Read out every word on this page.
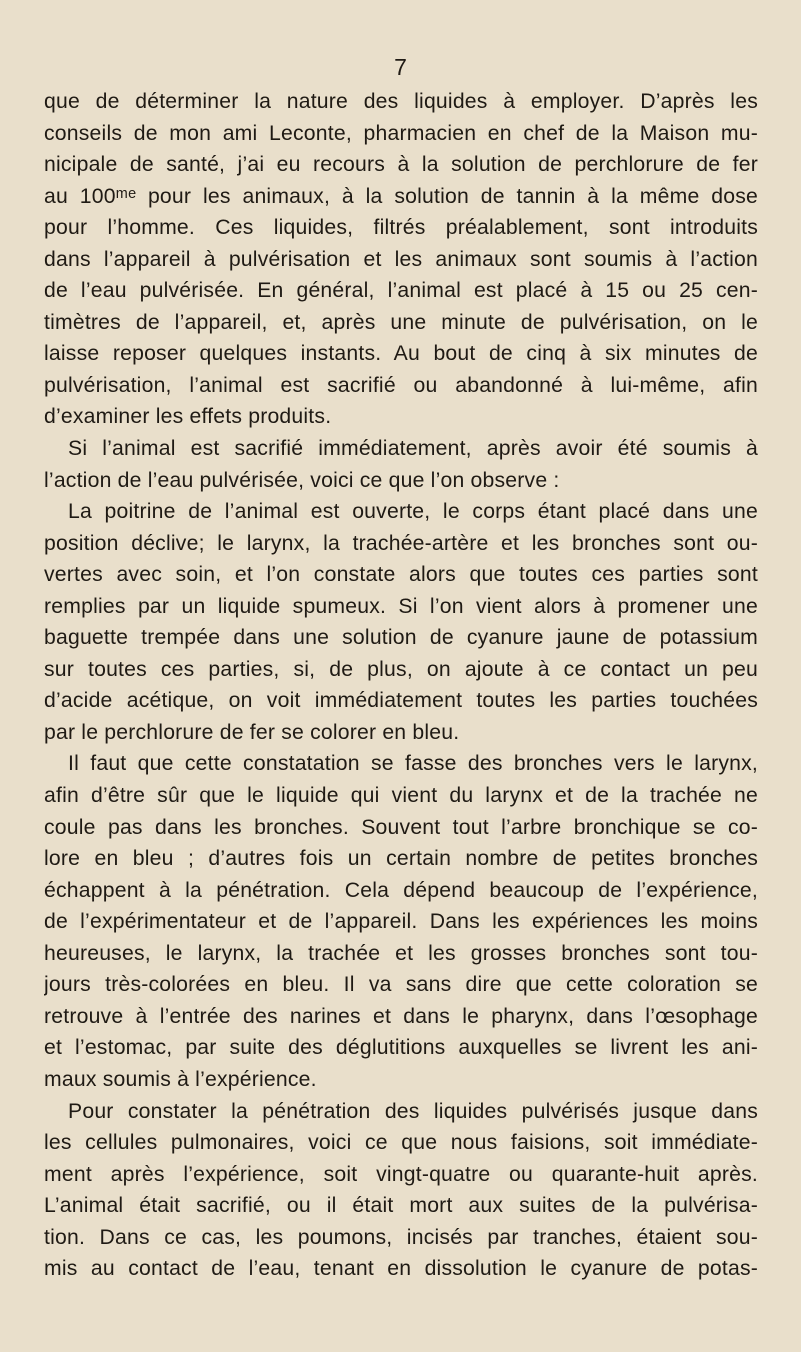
7
que de déterminer la nature des liquides à employer. D’après les
conseils de mon ami Leconte, pharmacien en chef de la Maison mu-
nicipale de santé, j’ai eu recours à la solution de perchlorure de fer
au 100ᵐᵉ pour les animaux, à la solution de tannin à la même dose
pour l’homme. Ces liquides, filtrés préalablement, sont introduits
dans l’appareil à pulvérisation et les animaux sont soumis à l’action
de l’eau pulvérisée. En général, l’animal est placé à 15 ou 25 cen-
timètres de l’appareil, et, après une minute de pulvérisation, on le
laisse reposer quelques instants. Au bout de cinq à six minutes de
pulvérisation, l’animal est sacrifié ou abandonné à lui-même, afin
d’examiner les effets produits.
Si l’animal est sacrifié immédiatement, après avoir été soumis à
l’action de l’eau pulvérisée, voici ce que l’on observe :
La poitrine de l’animal est ouverte, le corps étant placé dans une
position déclive; le larynx, la trachée-artère et les bronches sont ou-
vertes avec soin, et l’on constate alors que toutes ces parties sont
remplies par un liquide spumeux. Si l’on vient alors à promener une
baguette trempée dans une solution de cyanure jaune de potassium
sur toutes ces parties, si, de plus, on ajoute à ce contact un peu
d’acide acétique, on voit immédiatement toutes les parties touchées
par le perchlorure de fer se colorer en bleu.
Il faut que cette constatation se fasse des bronches vers le larynx,
afin d’être sûr que le liquide qui vient du larynx et de la trachée ne
coule pas dans les bronches. Souvent tout l’arbre bronchique se co-
lore en bleu ; d’autres fois un certain nombre de petites bronches
échappent à la pénétration. Cela dépend beaucoup de l’expérience,
de l’expérimentateur et de l’appareil. Dans les expériences les moins
heureuses, le larynx, la trachée et les grosses bronches sont tou-
jours très-colorées en bleu. Il va sans dire que cette coloration se
retrouve à l’entrée des narines et dans le pharynx, dans l’œsophage
et l’estomac, par suite des déglutitions auxquelles se livrent les ani-
maux soumis à l’expérience.
Pour constater la pénétration des liquides pulvérisés jusque dans
les cellules pulmonaires, voici ce que nous faisions, soit immédiate-
ment après l’expérience, soit vingt-quatre ou quarante-huit après.
L’animal était sacrifié, ou il était mort aux suites de la pulvérisa-
tion. Dans ce cas, les poumons, incisés par tranches, étaient sou-
mis au contact de l’eau, tenant en dissolution le cyanure de potas-
